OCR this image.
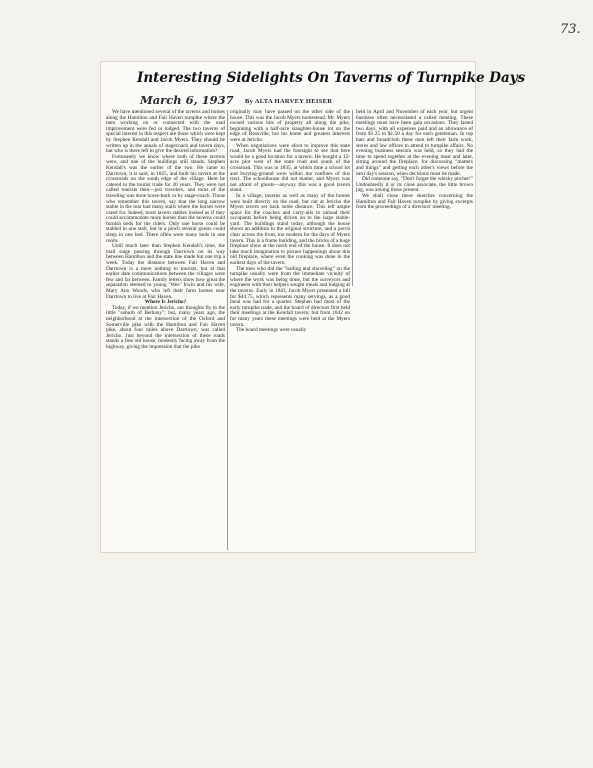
73.
Interesting Sidelights On Taverns of Turnpike Days
March 6, 1937 By ALTA HARVEY HEISER

We have mentioned several of the taverns and homes along the Hamilton and Fair Haven turnpike where the men working on or connected with the road improvement were fed or lodged. The two taverns of special interest in this respect are those which were kept by Stephen Kendall and Jacob Myers. They should be written up in the annals of stagecoach and tavern days, but who is there left to give the desired information?

Fortunately we know where both of these taverns were, and one of the buildings still stands. Stephen Kendall's was the earlier of the two. He came to Darrtown, it is said, in 1825, and built his tavern at the crossroads on the south edge of the village. Here he catered to the tourist trade for 20 years. They were not called tourists then—just travelers, and most of the traveling was done horse-back or by stage-coach. Those who remember this tavern, say that the long narrow stable in the rear had many stalls where the horses were cared for. Indeed, most tavern stables looked as if they could accommodate more horses than the taverns could furnish beds for the riders. Only one horse could be stabled in one stall, but in a pinch several guests could sleep in one bed. There often were many beds in one room.

Until much later than Stephen Kendall's time, the mail stage passing through Darrtown on its way between Hamilton and the state line made but one trip a week. Today the distance between Fair Haven and Darrtown is a mere nothing to tourists, but at that earlier date communications between the villages were few and far between. Family letters show how great the separation seemed to young "Wes" Irwin and his wife, Mary Ann Woods, who left their farm homes near Darrtown to live at Fair Haven.

Where Is Jericho?

Today, if we mention Jericho, our thoughts fly to the little "suburb of Bethany"; but, many years ago, the neighborhood at the intersection of the Oxford and Somerville pike with the Hamilton and Fair Haven pike, about four miles above Darrtown, was called Jericho. Just beyond the intersection of these roads stands a fine old house, modestly facing away from the highway, giving the impression that the pike

originally may have passed on the other side of the house. This was the Jacob Myers homestead. Mr. Myers owned various bits of property all along the pike, beginning with a half-acre slaughter-house lot on the edge of Rossville, but his home and greatest interests were at Jericho.

When negotiations were afoot to improve this state road, Jacob Myers had the foresight to see that here would be a good location for a tavern. He bought a 12-acre plot west of the state road and south of the crossroad. This was in 1835, at which time a school lot and burying-ground were within the confines of this tract. The schoolhouse did not matter, and Myers was not afraid of ghosts—anyway this was a good tavern stand.

In a village, taverns as well as many of the homes were built directly on the road, but out at Jericho the Myers tavern set back some distance. This left ample space for the coaches and carry-alls to unload their occupants before being driven on to the large stable-yard. The buildings stand today, although the house shows an addition to the original structure, and a porch clear across the front, too modern for the days of Myers tavern. This is a frame building, and the bricks of a huge fireplace show at the north end of the house. It does not take much imagination to picture happenings about this old fireplace, where even the cooking was done in the earliest days of the tavern.

The men who did the "balling and shoveling" on the turnpike usually were from the immediate vicinity of where the work was being done, but the surveyors and engineers with their helpers sought meals and lodging at the taverns. Early in 1843, Jacob Myers presented a bill for $44.75, which represents many servings, as a good meal was had for a quarter. Stephen had most of the early turnpike trade, and the board of directors first held their meetings at the Kendall tavern; but from 1842 on for many years these meetings were held at the Myers tavern.

The board meetings were usually

held in April and November of each year, but urgent business often necessitated a called meeting. These meetings must have been gala occasions. They lasted two days, with all expenses paid and an allowance of from $1.25 to $1.50 a day for each gentleman. In top hats and broadcloth these men left their farm work, stores and law offices to attend to turnpike affairs. No evening business session was held, so they had the time to spend together at the evening meal and later, sitting around the fireplace, for discussing "matters and things" and getting each other's views before the next day's session, when decisions must be made.

Did someone say, "Don't forget the whisky pitcher!" Undoubtedly it or its close associate, the little brown jug, was among those present.

We shall close these sketches concerning the Hamilton and Fair Haven turnpike by giving excerpts from the proceedings of a directors' meeting.
